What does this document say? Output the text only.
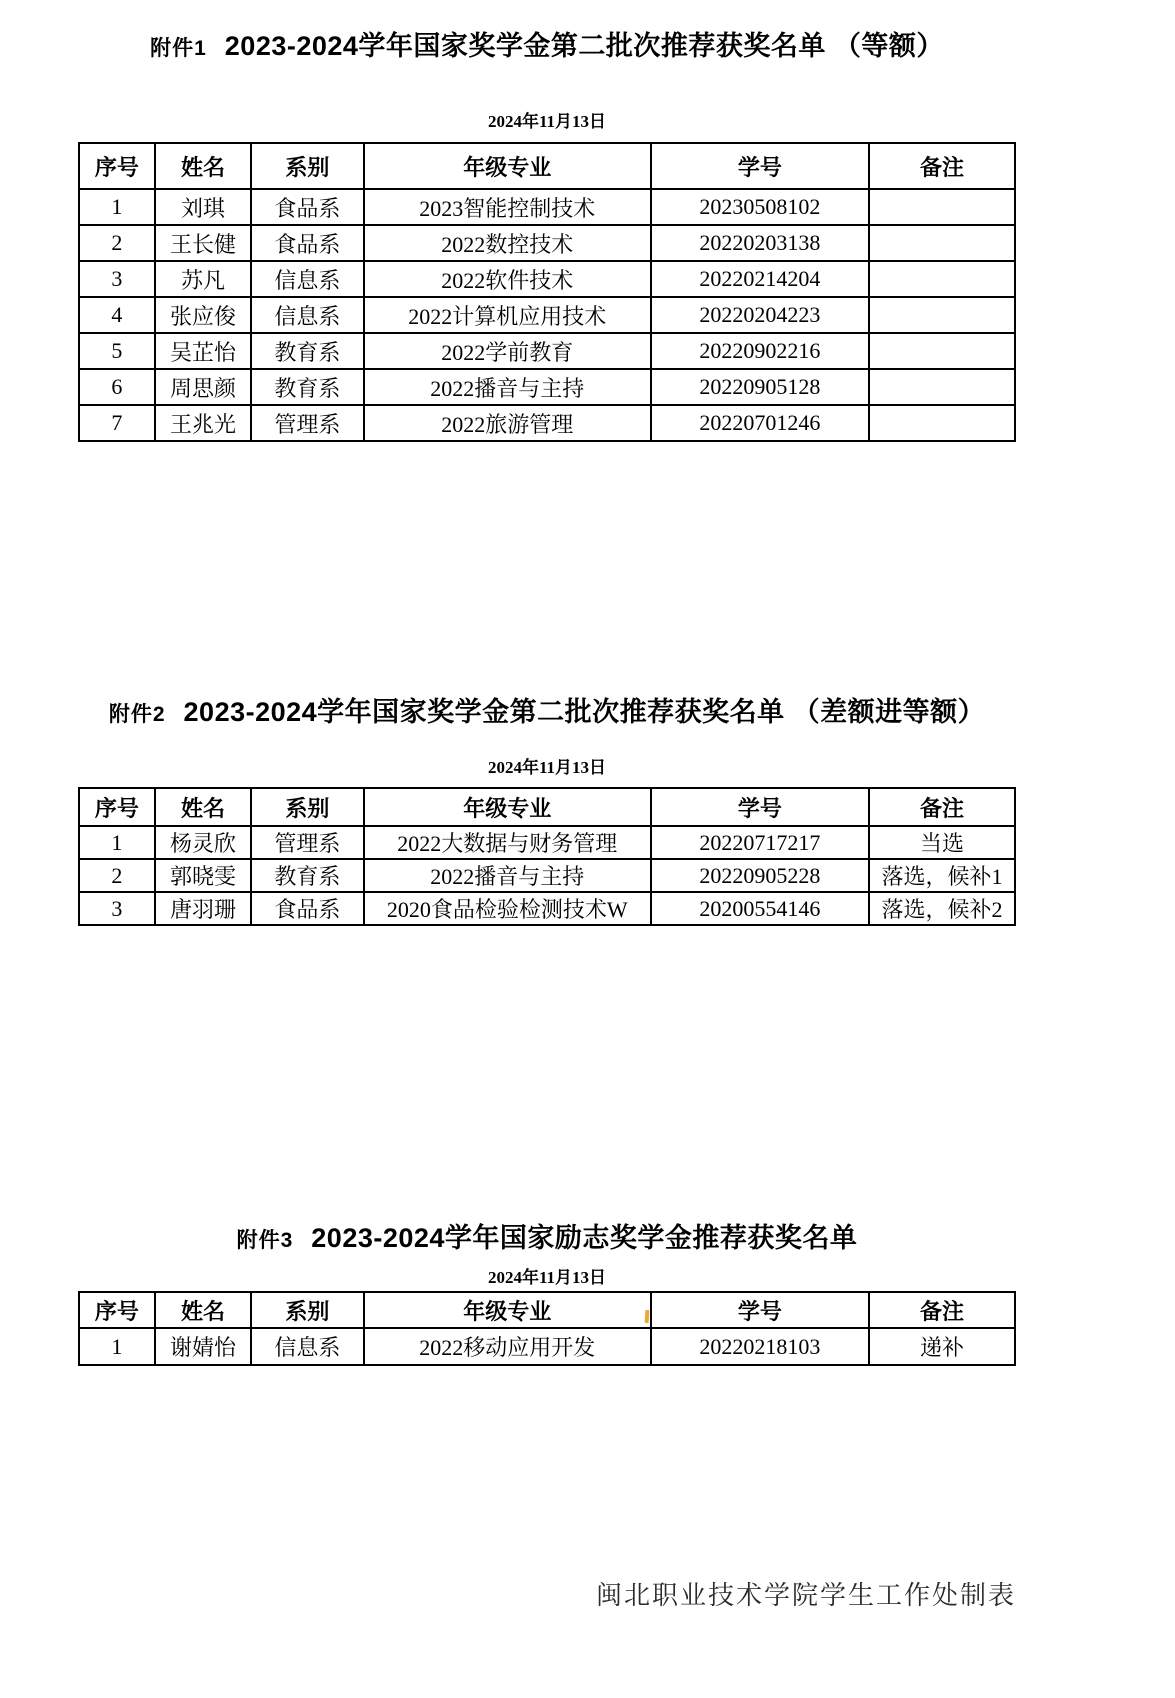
附件1 2023-2024学年国家奖学金第二批次推荐获奖名单 （等额）
2024年11月13日
序号	姓名	系别	年级专业	学号	备注
1	刘琪	食品系	2023智能控制技术	20230508102	
2	王长健	食品系	2022数控技术	20220203138	
3	苏凡	信息系	2022软件技术	20220214204	
4	张应俊	信息系	2022计算机应用技术	20220204223	
5	吴芷怡	教育系	2022学前教育	20220902216	
6	周思颜	教育系	2022播音与主持	20220905128	
7	王兆光	管理系	2022旅游管理	20220701246	
附件2 2023-2024学年国家奖学金第二批次推荐获奖名单 （差额进等额）
2024年11月13日
序号	姓名	系别	年级专业	学号	备注
1	杨灵欣	管理系	2022大数据与财务管理	20220717217	当选
2	郭晓雯	教育系	2022播音与主持	20220905228	落选，候补1
3	唐羽珊	食品系	2020食品检验检测技术W	20200554146	落选，候补2
附件3 2023-2024学年国家励志奖学金推荐获奖名单
2024年11月13日
序号	姓名	系别	年级专业	学号	备注
1	谢婧怡	信息系	2022移动应用开发	20220218103	递补
闽北职业技术学院学生工作处制表
